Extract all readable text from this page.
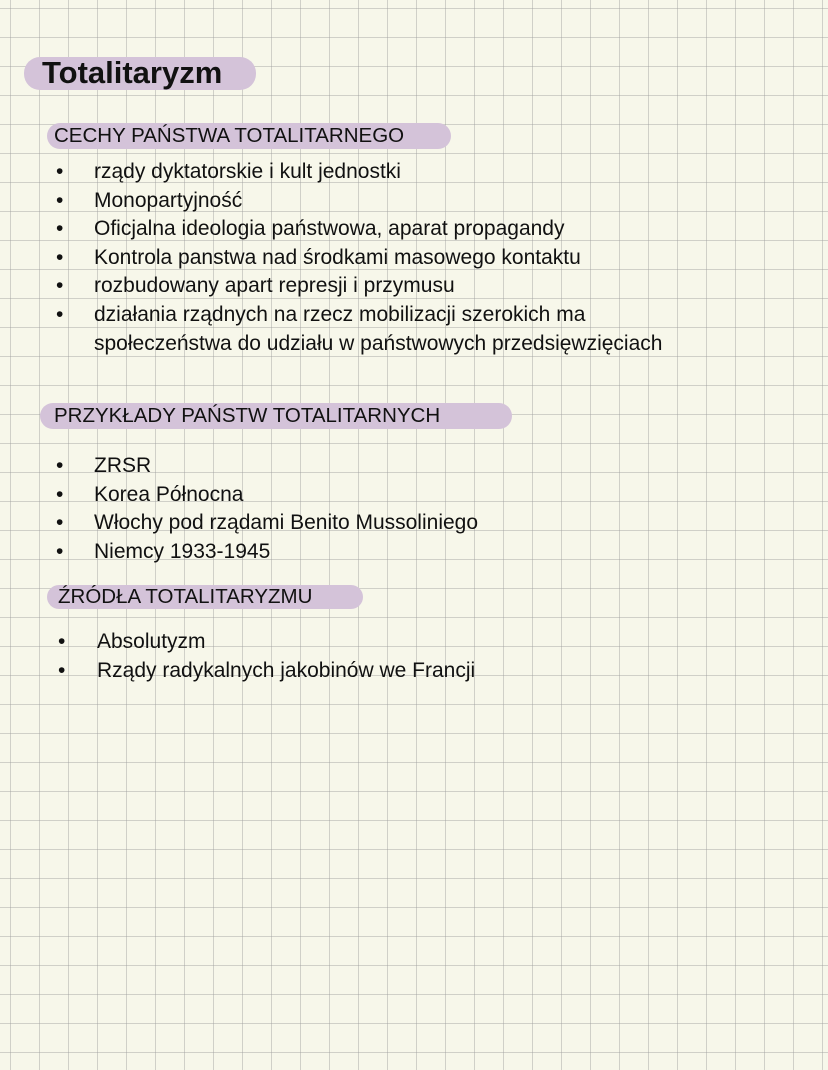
Totalitaryzm
CECHY PAŃSTWA TOTALITARNEGO
• rządy dyktatorskie i kult jednostki
• Monopartyjność
• Oficjalna ideologia państwowa, aparat propagandy
• Kontrola panstwa nad środkami masowego kontaktu
• rozbudowany apart represji i przymusu
• działania rządnych na rzecz mobilizacji szerokich ma społeczeństwa do udziału w państwowych przedsięwzięciach
PRZYKŁADY PAŃSTW TOTALITARNYCH
• ZRSR
• Korea Północna
• Włochy pod rządami Benito Mussoliniego
• Niemcy 1933-1945
ŹRÓDŁA TOTALITARYZMU
• Absolutyzm
• Rządy radykalnych jakobinów we Francji
